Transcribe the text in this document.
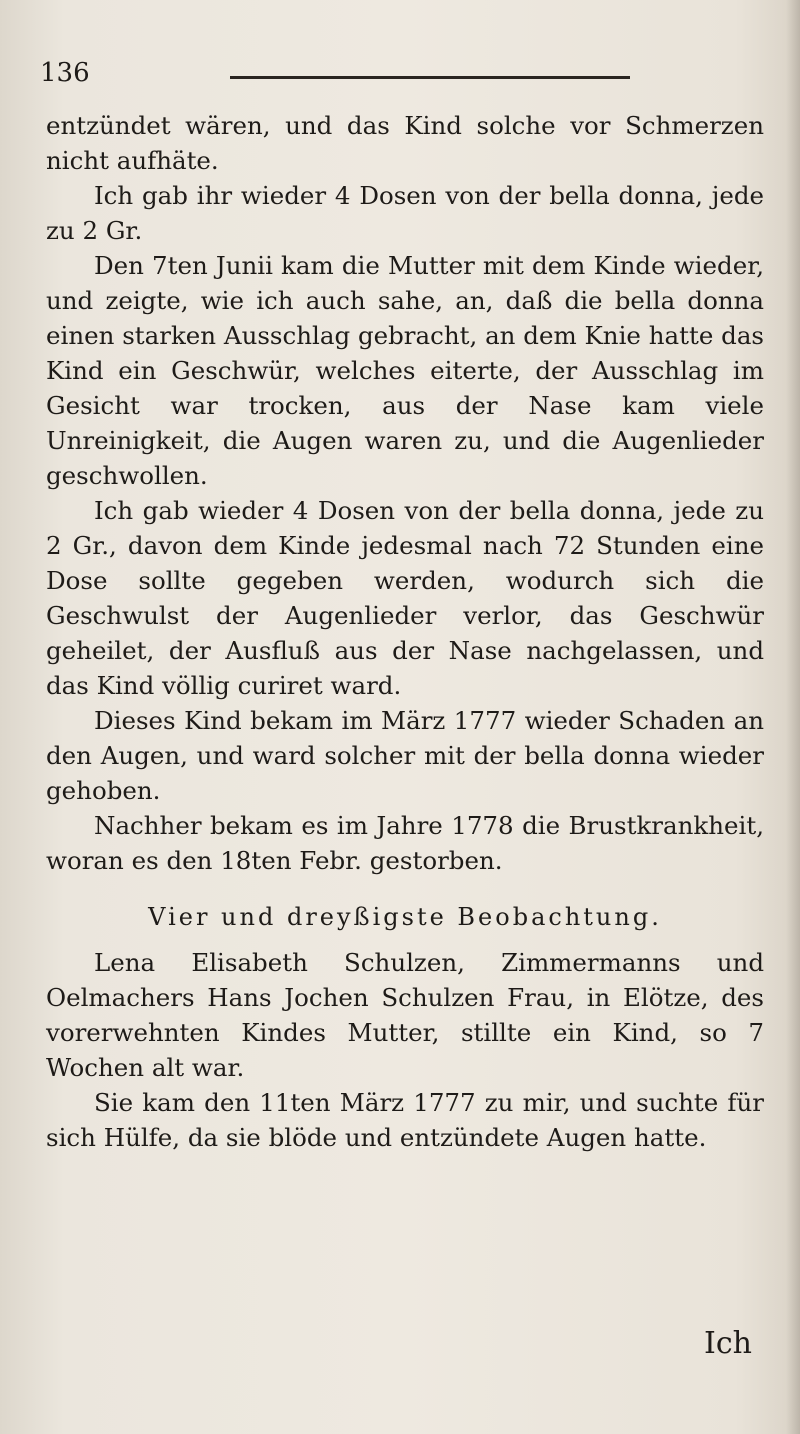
136

entzündet wären, und das Kind solche vor Schmerzen nicht aufhäte.

Ich gab ihr wieder 4 Dosen von der bella donna, jede zu 2 Gr.

Den 7ten Junii kam die Mutter mit dem Kinde wieder, und zeigte, wie ich auch sahe, an, daß die bella donna einen starken Ausschlag gebracht, an dem Knie hatte das Kind ein Geschwür, welches eiterte, der Ausschlag im Gesicht war trocken, aus der Nase kam viele Unreinigkeit, die Augen waren zu, und die Augenlieder geschwollen.

Ich gab wieder 4 Dosen von der bella donna, jede zu 2 Gr., davon dem Kinde jedesmal nach 72 Stunden eine Dose sollte gegeben werden, wodurch sich die Geschwulst der Augenlieder verlor, das Geschwür geheilet, der Ausfluß aus der Nase nachgelassen, und das Kind völlig curiret ward.

Dieses Kind bekam im März 1777 wieder Schaden an den Augen, und ward solcher mit der bella donna wieder gehoben.

Nachher bekam es im Jahre 1778 die Brustkrankheit, woran es den 18ten Febr. gestorben.

Vier und dreyßigste Beobachtung.

Lena Elisabeth Schulzen, Zimmermanns und Oelmachers Hans Jochen Schulzen Frau, in Elötze, des vorerwehnten Kindes Mutter, stillte ein Kind, so 7 Wochen alt war.

Sie kam den 11ten März 1777 zu mir, und suchte für sich Hülfe, da sie blöde und entzündete Augen hatte.

Ich
